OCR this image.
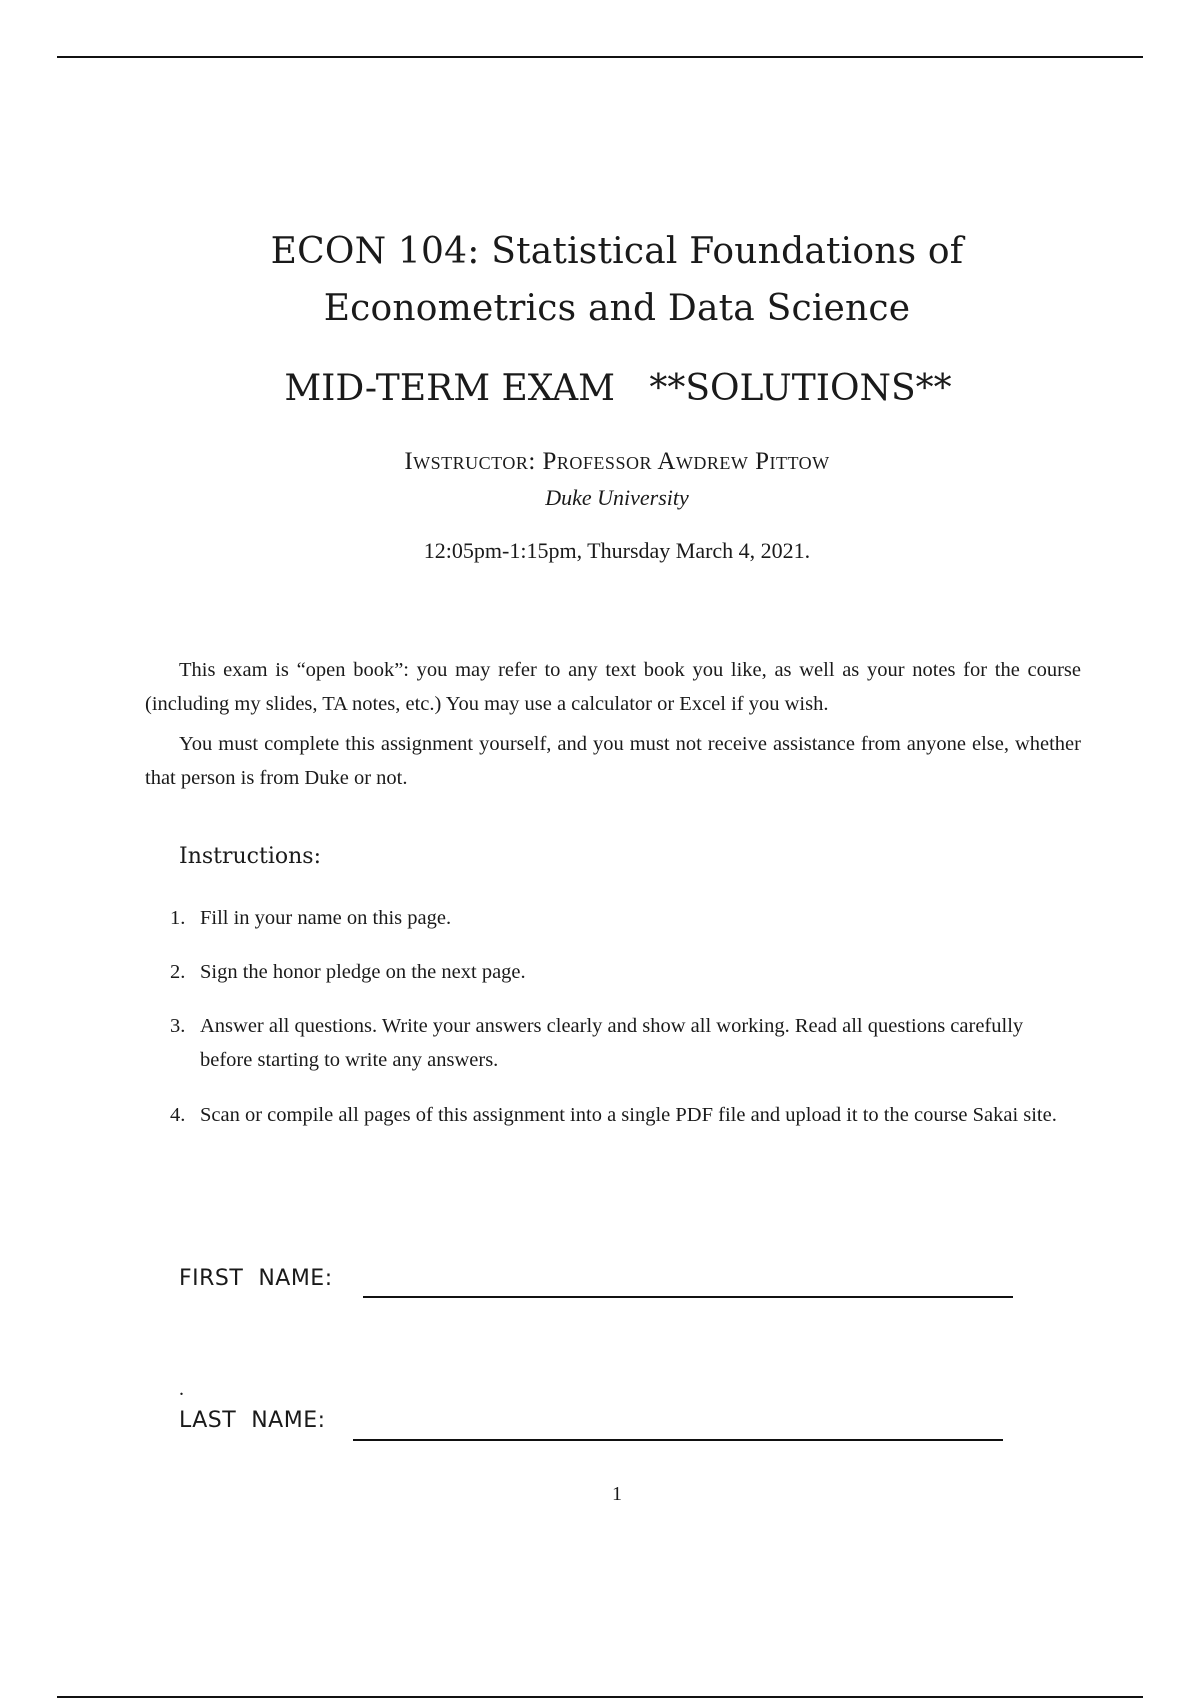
ECON 104: Statistical Foundations of
Econometrics and Data Science
MID-TERM EXAM   **SOLUTIONS**
Iwstructor: Professor Awdrew Pittow
Duke University
12:05pm-1:15pm, Thursday March 4, 2021.
This exam is “open book”: you may refer to any text book you like, as well as your notes for the course (including my slides, TA notes, etc.) You may use a calculator or Excel if you wish.
You must complete this assignment yourself, and you must not receive assistance from anyone else, whether that person is from Duke or not.
Instructions:
1. Fill in your name on this page.
2. Sign the honor pledge on the next page.
3. Answer all questions. Write your answers clearly and show all working. Read all questions carefully before starting to write any answers.
4. Scan or compile all pages of this assignment into a single PDF file and upload it to the course Sakai site.
FIRST  NAME:
.
LAST  NAME:
1
